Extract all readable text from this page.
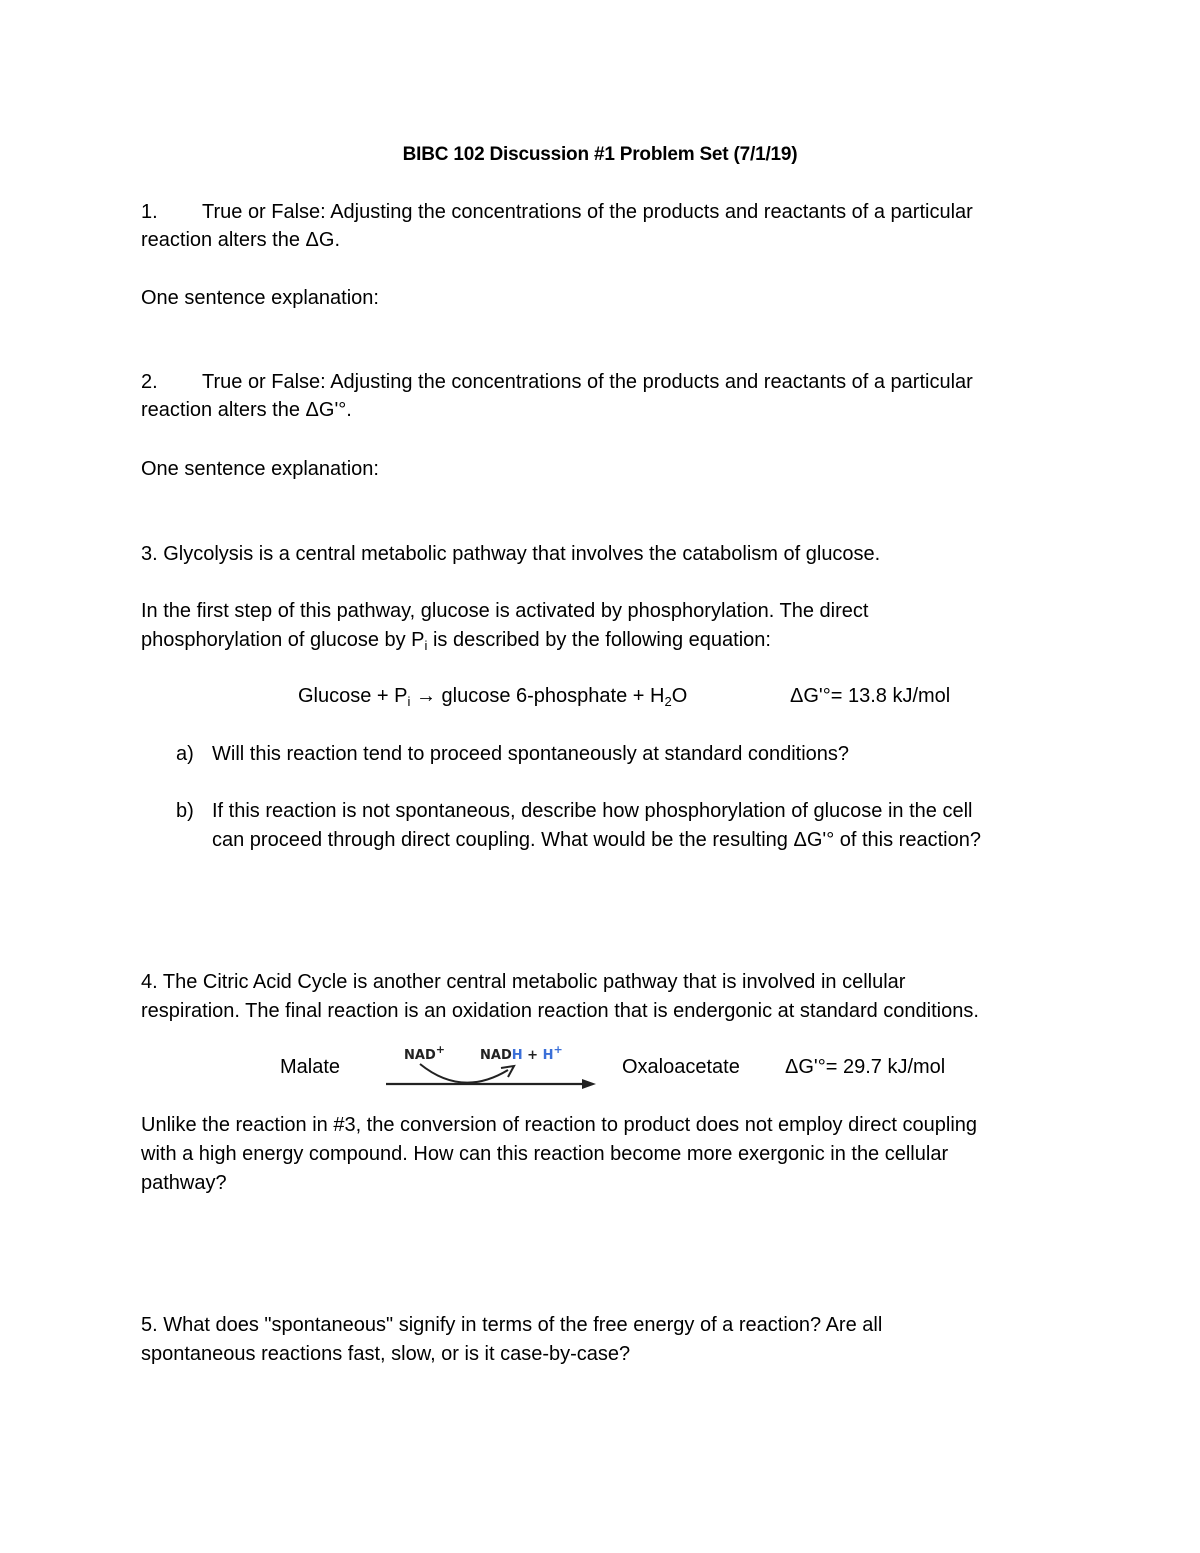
BIBC 102 Discussion #1 Problem Set (7/1/19)
1. True or False: Adjusting the concentrations of the products and reactants of a particular
reaction alters the ΔG.
One sentence explanation:
2. True or False: Adjusting the concentrations of the products and reactants of a particular
reaction alters the ΔG'°.
One sentence explanation:
3. Glycolysis is a central metabolic pathway that involves the catabolism of glucose.
In the first step of this pathway, glucose is activated by phosphorylation. The direct
phosphorylation of glucose by $P_i$ is described by the following equation:
$Glucose + P_i \to glucose$ 6-phosphate + $H_2O$	ΔG'°= 13.8 kJ/mol
a) Will this reaction tend to proceed spontaneously at standard conditions?
b) If this reaction is not spontaneous, describe how phosphorylation of glucose in the cell
can proceed through direct coupling. What would be the resulting ΔG'° of this reaction?
4. The Citric Acid Cycle is another central metabolic pathway that is involved in cellular
respiration. The final reaction is an oxidation reaction that is endergonic at standard conditions.
Malate
NAD+	NADH + H+
Oxaloacetate ΔG'°= 29.7 kJ/mol
Unlike the reaction in #3, the conversion of reaction to product does not employ direct coupling
with a high energy compound. How can this reaction become more exergonic in the cellular
pathway?
5. What does "spontaneous" signify in terms of the free energy of a reaction? Are all
spontaneous reactions fast, slow, or is it case-by-case?
